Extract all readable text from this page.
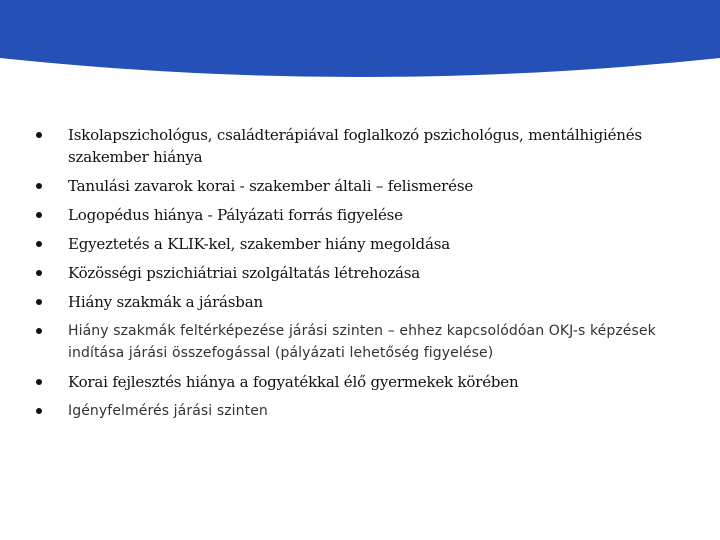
Iskolapszichológus, családterápiával foglalkozó pszichológus, mentálhigiénés szakember hiánya
Tanulási zavarok korai - szakember általi – felismerése
Logopédus hiánya - Pályázati forrás figyelése
Egyeztetés a KLIK-kel, szakember hiány megoldása
Közösségi pszichiátriai szolgáltatás létrehozása
Hiány szakmák a járásban
Hiány szakmák feltérképezése járási szinten – ehhez kapcsolódóan OKJ-s képzések indítása járási összefogással (pályázati lehetőség figyelése)
Korai fejlesztés hiánya a fogyatékkal élő gyermekek körében
Igényfelmérés járási szinten
